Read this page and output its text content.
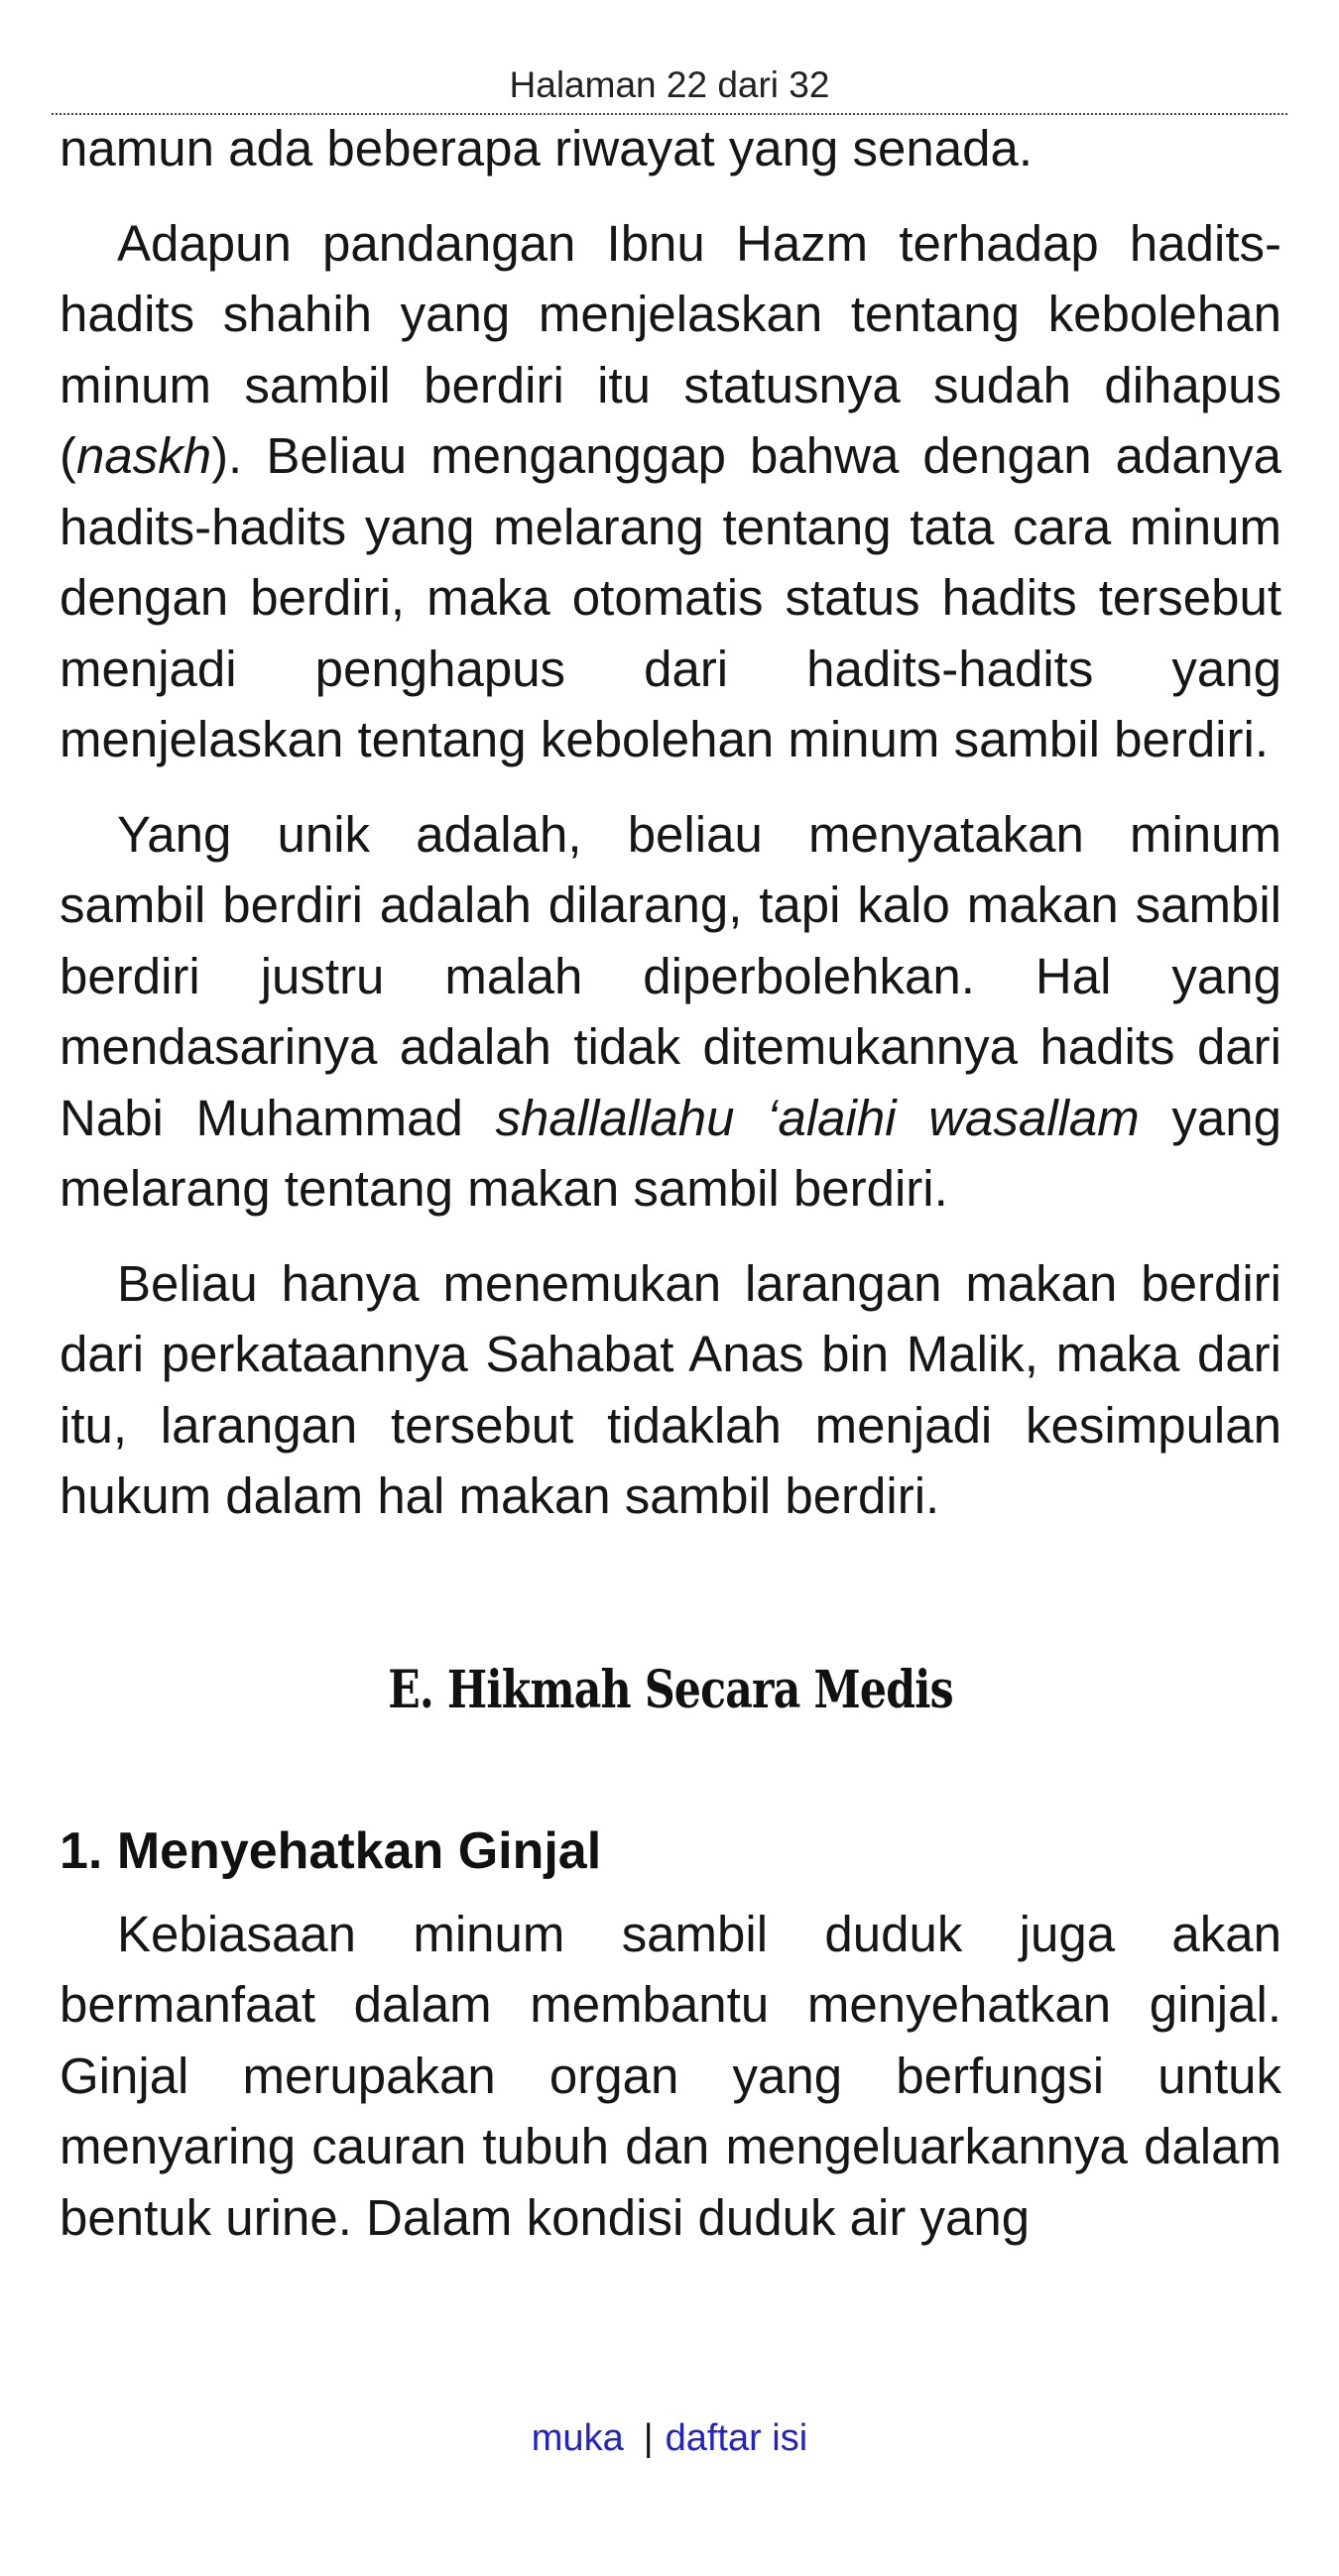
Halaman 22 dari 32

namun ada beberapa riwayat yang senada.

Adapun pandangan Ibnu Hazm terhadap hadits-hadits shahih yang menjelaskan tentang kebolehan minum sambil berdiri itu statusnya sudah dihapus (naskh). Beliau menganggap bahwa dengan adanya hadits-hadits yang melarang tentang tata cara minum dengan berdiri, maka otomatis status hadits tersebut menjadi penghapus dari hadits-hadits yang menjelaskan tentang kebolehan minum sambil berdiri.

Yang unik adalah, beliau menyatakan minum sambil berdiri adalah dilarang, tapi kalo makan sambil berdiri justru malah diperbolehkan. Hal yang mendasarinya adalah tidak ditemukannya hadits dari Nabi Muhammad shallallahu ‘alaihi wasallam yang melarang tentang makan sambil berdiri.

Beliau hanya menemukan larangan makan berdiri dari perkataannya Sahabat Anas bin Malik, maka dari itu, larangan tersebut tidaklah menjadi kesimpulan hukum dalam hal makan sambil berdiri.

E. Hikmah Secara Medis
1. Menyehatkan Ginjal

Kebiasaan minum sambil duduk juga akan bermanfaat dalam membantu menyehatkan ginjal. Ginjal merupakan organ yang berfungsi untuk menyaring cauran tubuh dan mengeluarkannya dalam bentuk urine. Dalam kondisi duduk air yang

muka | daftar isi
